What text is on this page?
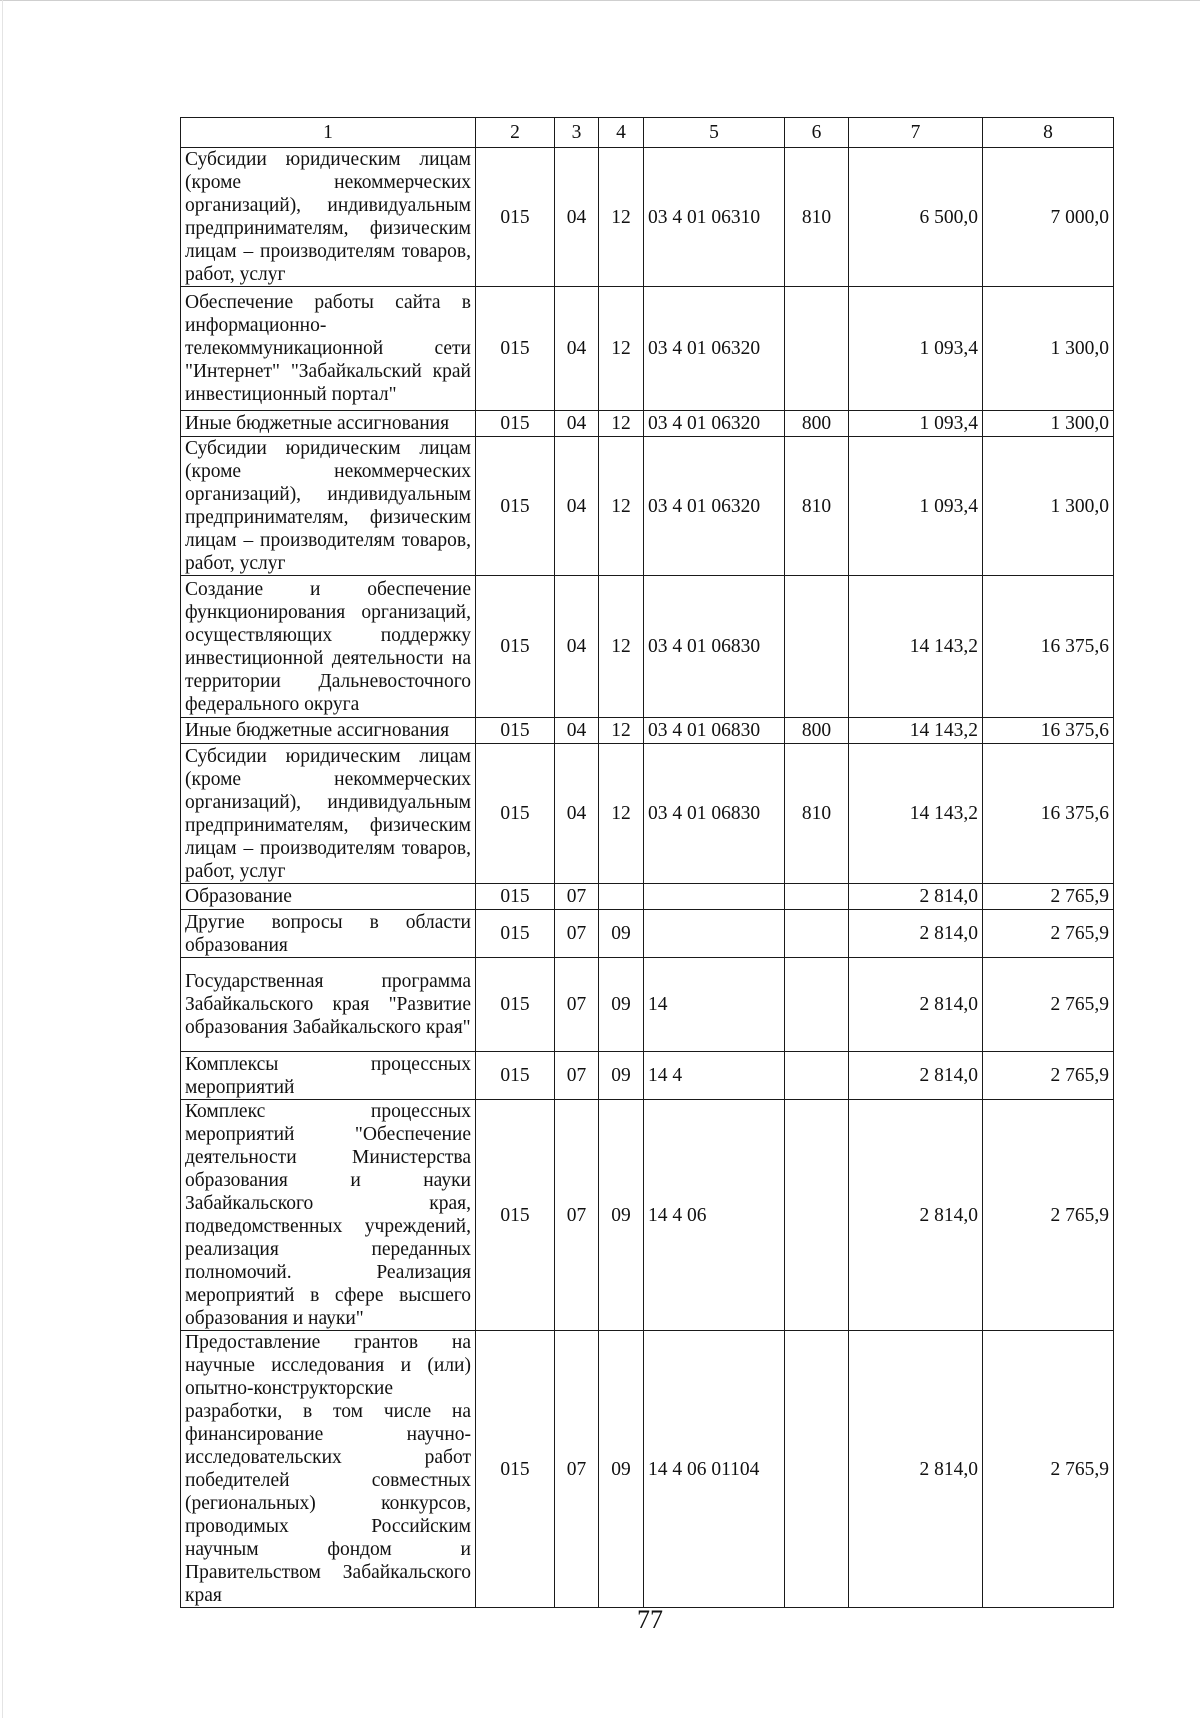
1	2	3	4	5	6	7	8
Субсидии юридическим лицам (кроме некоммерческих организаций), индивидуальным предпринимателям, физическим лицам – производителям товаров, работ, услуг	015	04	12	03 4 01 06310	810	6 500,0	7 000,0
Обеспечение работы сайта в информационно-телекоммуникационной сети "Интернет" "Забайкальский край инвестиционный портал"	015	04	12	03 4 01 06320		1 093,4	1 300,0
Иные бюджетные ассигнования	015	04	12	03 4 01 06320	800	1 093,4	1 300,0
Субсидии юридическим лицам (кроме некоммерческих организаций), индивидуальным предпринимателям, физическим лицам – производителям товаров, работ, услуг	015	04	12	03 4 01 06320	810	1 093,4	1 300,0
Создание и обеспечение функционирования организаций, осуществляющих поддержку инвестиционной деятельности на территории Дальневосточного федерального округа	015	04	12	03 4 01 06830		14 143,2	16 375,6
Иные бюджетные ассигнования	015	04	12	03 4 01 06830	800	14 143,2	16 375,6
Субсидии юридическим лицам (кроме некоммерческих организаций), индивидуальным предпринимателям, физическим лицам – производителям товаров, работ, услуг	015	04	12	03 4 01 06830	810	14 143,2	16 375,6
Образование	015	07				2 814,0	2 765,9
Другие вопросы в области образования	015	07	09			2 814,0	2 765,9
Государственная программа Забайкальского края "Развитие образования Забайкальского края"	015	07	09	14		2 814,0	2 765,9
Комплексы процессных мероприятий	015	07	09	14 4		2 814,0	2 765,9
Комплекс процессных мероприятий "Обеспечение деятельности Министерства образования и науки Забайкальского края, подведомственных учреждений, реализация переданных полномочий. Реализация мероприятий в сфере высшего образования и науки"	015	07	09	14 4 06		2 814,0	2 765,9
Предоставление грантов на научные исследования и (или) опытно-конструкторские разработки, в том числе на финансирование научно-исследовательских работ победителей совместных (региональных) конкурсов, проводимых Российским научным фондом и Правительством Забайкальского края	015	07	09	14 4 06 01104		2 814,0	2 765,9
77
